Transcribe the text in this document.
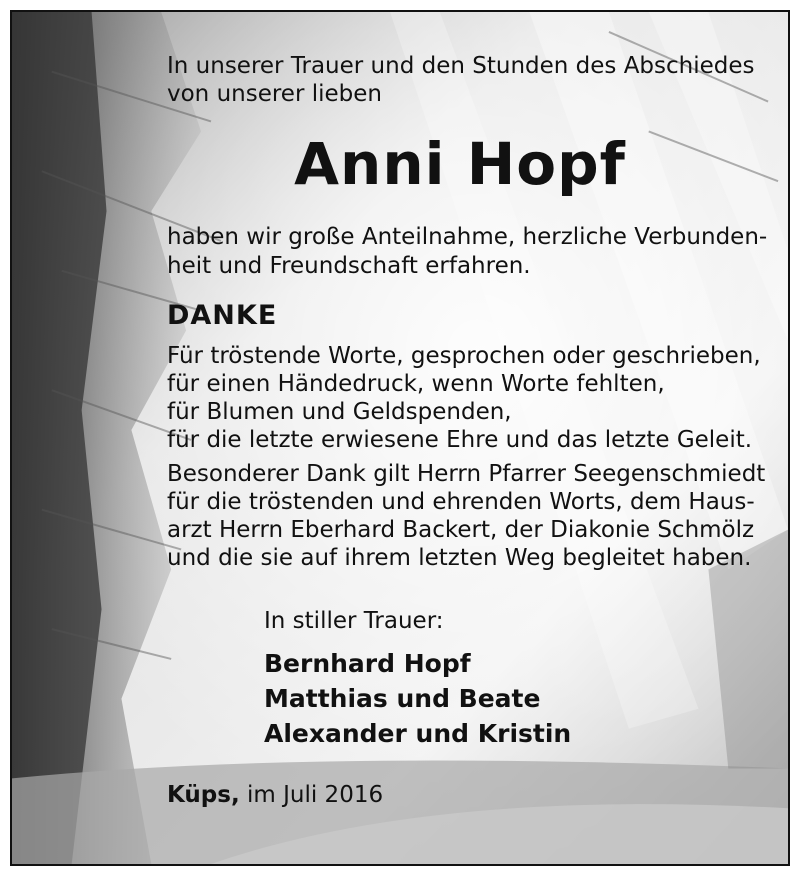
In unserer Trauer und den Stunden des Abschiedes
von unserer lieben
Anni Hopf
haben wir große Anteilnahme, herzliche Verbunden-
heit und Freundschaft erfahren.
DANKE
Für tröstende Worte, gesprochen oder geschrieben,
für einen Händedruck, wenn Worte fehlten,
für Blumen und Geldspenden,
für die letzte erwiesene Ehre und das letzte Geleit.
Besonderer Dank gilt Herrn Pfarrer Seegenschmiedt
für die tröstenden und ehrenden Worts, dem Haus-
arzt Herrn Eberhard Backert, der Diakonie Schmölz
und die sie auf ihrem letzten Weg begleitet haben.
In stiller Trauer:
Bernhard Hopf
Matthias und Beate
Alexander und Kristin
Küps, im Juli 2016
